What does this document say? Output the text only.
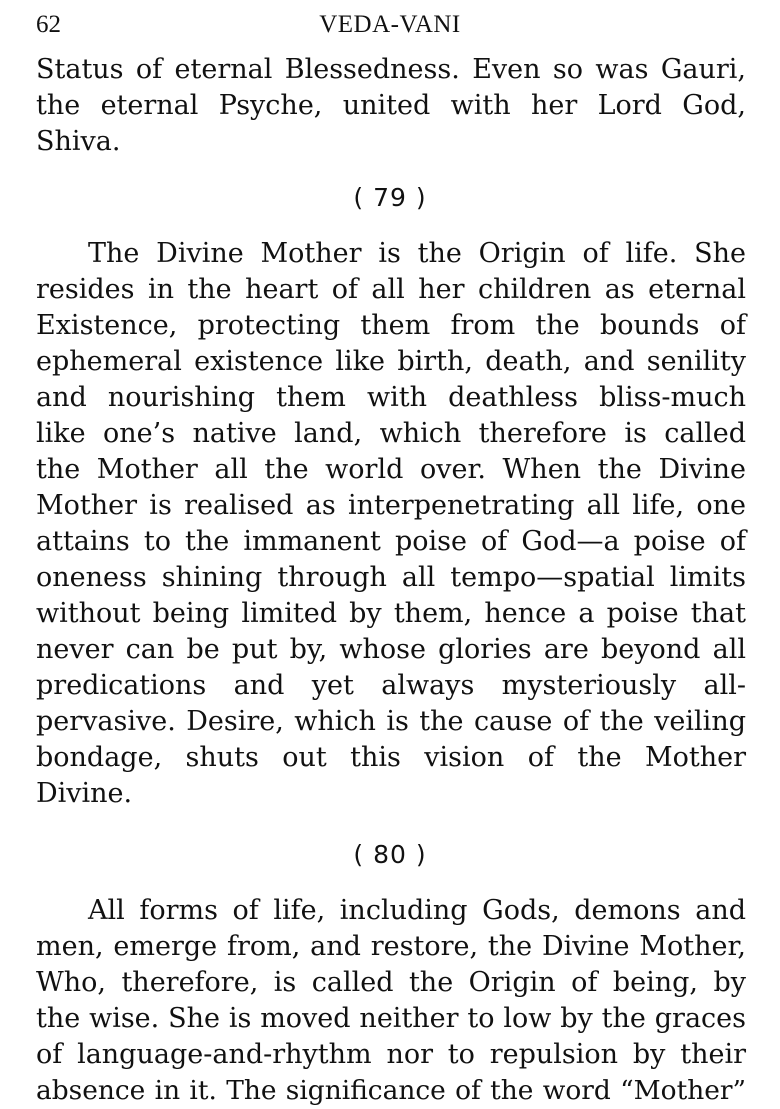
62	VEDA-VANI
Status of eternal Blessedness. Even so was Gauri,
the eternal Psyche, united with her Lord God,
Shiva.
( 79 )
The Divine Mother is the Origin of life. She
resides in the heart of all her children as eternal
Existence, protecting them from the bounds of
ephemeral existence like birth, death, and senility
and nourishing them with deathless bliss-much
like one’s native land, which therefore is called
the Mother all the world over. When the Divine
Mother is realised as interpenetrating all life, one
attains to the immanent poise of God—a poise of
oneness shining through all tempo—spatial limits
without being limited by them, hence a poise that
never can be put by, whose glories are beyond all
predications and yet always mysteriously all-
pervasive. Desire, which is the cause of the veiling
bondage, shuts out this vision of the Mother
Divine.
( 80 )
All forms of life, including Gods, demons and
men, emerge from, and restore, the Divine Mother,
Who, therefore, is called the Origin of being, by
the wise. She is moved neither to low by the graces
of language-and-rhythm nor to repulsion by their
absence in it. The significance of the word “Mother”
